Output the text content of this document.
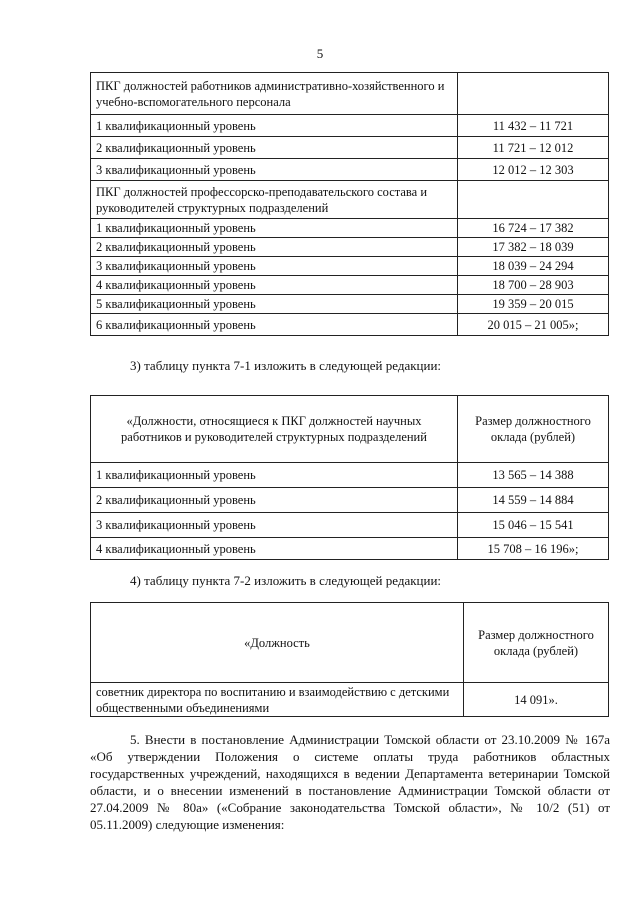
5
ПКГ должностей работников административно-хозяйственного и учебно-вспомогательного персонала	
1 квалификационный уровень	11 432 – 11 721
2 квалификационный уровень	11 721 – 12 012
3 квалификационный уровень	12 012 – 12 303
ПКГ должностей профессорско-преподавательского состава и руководителей структурных подразделений	
1 квалификационный уровень	16 724 – 17 382
2 квалификационный уровень	17 382 – 18 039
3 квалификационный уровень	18 039 – 24 294
4 квалификационный уровень	18 700 – 28 903
5 квалификационный уровень	19 359 – 20 015
6 квалификационный уровень	20 015 – 21 005»;

3) таблицу пункта 7-1 изложить в следующей редакции:

«Должности, относящиеся к ПКГ должностей научных работников и руководителей структурных подразделений	Размер должностного оклада (рублей)
1 квалификационный уровень	13 565 – 14 388
2 квалификационный уровень	14 559 – 14 884
3 квалификационный уровень	15 046 – 15 541
4 квалификационный уровень	15 708 – 16 196»;

4) таблицу пункта 7-2 изложить в следующей редакции:

«Должность	Размер должностного оклада (рублей)
советник директора по воспитанию и взаимодействию с детскими общественными объединениями	14 091».

5. Внести в постановление Администрации Томской области от 23.10.2009 № 167а «Об утверждении Положения о системе оплаты труда работников областных государственных учреждений, находящихся в ведении Департамента ветеринарии Томской области, и о внесении изменений в постановление Администрации Томской области от 27.04.2009 № 80а» («Собрание законодательства Томской области», № 10/2 (51) от 05.11.2009) следующие изменения:
